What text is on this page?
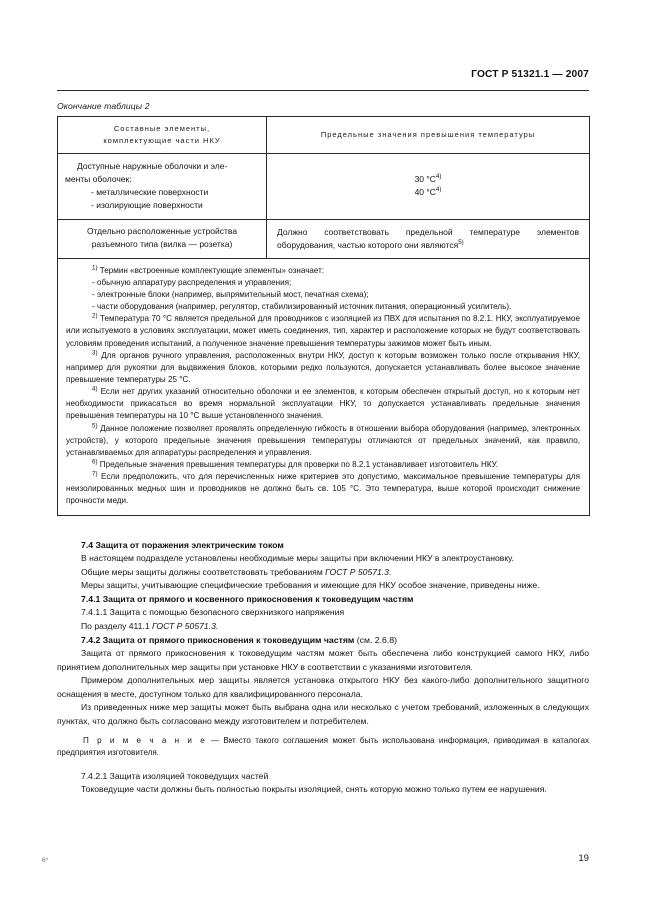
ГОСТ Р 51321.1 — 2007
Окончание таблицы 2
Составные элементы,
комплектующие части НКУ	Предельные значения превышения температуры

Доступные наружные оболочки и эле-
менты оболочек:
- металлические поверхности
- изолирующие поверхности	30 °C$^{4)}$
40 °C$^{4)}$

Отдельно расположенные устройства
разъемного типа (вилка — розетка)	Должно соответствовать предельной температуре элементов оборудования, частью которого они являются$^{5)}$

$^{1)}$ Термин «встроенные комплектующие элементы» означает:

- обычную аппаратуру распределения и управления;

- электронные блоки (например, выпрямительный мост, печатная схема);

- части оборудования (например, регулятор, стабилизированный источник питания, операционный усилитель).

$^{2)}$ Температура 70 °C является предельной для проводников с изоляцией из ПВХ для испытания по 8.2.1. НКУ, эксплуатируемое или испытуемого в условиях эксплуатации, может иметь соединения, тип, характер и расположение которых не будут соответствовать условиям проведения испытаний, а полученное значение превышения температуры зажимов может быть иным.

$^{3)}$ Для органов ручного управления, расположенных внутри НКУ, доступ к которым возможен только после открывания НКУ, например для рукоятки для выдвижения блоков, которыми редко пользуются, допускается устанавливать более высокое значение превышение температуры 25 °C.

$^{4)}$ Если нет других указаний относительно оболочки и ее элементов, к которым обеспечен открытый доступ, но к которым нет необходимости прикасаться во время нормальной эксплуатации НКУ, то допускается устанавливать предельные значения превышения температуры на 10 °C выше установленного значения.

$^{5)}$ Данное положение позволяет проявлять определенную гибкость в отношении выбора оборудования (например, электронных устройств), у которого предельные значения превышения температуры отличаются от предельных значений, как правило, устанавливаемых для аппаратуры распределения и управления.

$^{6)}$ Предельные значения превышения температуры для проверки по 8.2.1 устанавливает изготовитель НКУ.

$^{7)}$ Если предположить, что для перечисленных ниже критериев это допустимо, максимальное превышение температуры для неизолированных медных шин и проводников не должно быть св. 105 °C. Это температура, выше которой происходит снижение прочности меди.

7.4 Защита от поражения электрическим током

В настоящем подразделе установлены необходимые меры защиты при включении НКУ в электроустановку.

Общие меры защиты должны соответствовать требованиям ГОСТ Р 50571.3.

Меры защиты, учитывающие специфические требования и имеющие для НКУ особое значение, приведены ниже.

7.4.1 Защита от прямого и косвенного прикосновения к токоведущим частям

7.4.1.1 Защита с помощью безопасного сверхнизкого напряжения

По разделу 411.1 ГОСТ Р 50571.3.

7.4.2 Защита от прямого прикосновения к токоведущим частям (см. 2.6.8)

Защита от прямого прикосновения к токоведущим частям может быть обеспечена либо конструкцией самого НКУ, либо принятием дополнительных мер защиты при установке НКУ в соответствии с указаниями изготовителя.

Примером дополнительных мер защиты является установка открытого НКУ без какого-либо дополнительного защитного оснащения в месте, доступном только для квалифицированного персонала.

Из приведенных ниже мер защиты может быть выбрана одна или несколько с учетом требований, изложенных в следующих пунктах, что должно быть согласовано между изготовителем и потребителем.

П р и м е ч а н и е — Вместо такого соглашения может быть использована информация, приводимая в каталогах предприятия изготовителя.

7.4.2.1 Защита изоляцией токоведущих частей

Токоведущие части должны быть полностью покрыты изоляцией, снять которую можно только путем ее нарушения.

6*	19
